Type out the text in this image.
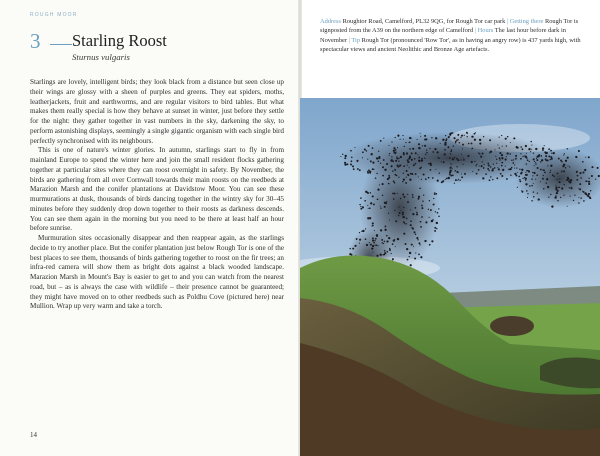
ROUGH MOOR
3 Starling Roost
Sturnus vulgaris

Starlings are lovely, intelligent birds; they look black from a distance but seen close up their wings are glossy with a sheen of purples and greens. They eat spiders, moths, leatherjackets, fruit and earthworms, and are regular visitors to bird tables. But what makes them really special is how they behave at sunset in winter, just before they settle for the night: they gather together in vast numbers in the sky, darkening the sky, to perform astonishing displays, seemingly a single gigantic organism with each single bird perfectly synchronised with its neighbours.

This is one of nature's winter glories. In autumn, starlings start to fly in from mainland Europe to spend the winter here and join the small resident flocks gathering together at particular sites where they can roost overnight in safety. By November, the birds are gathering from all over Cornwall towards their main roosts on the reedbeds at Marazion Marsh and the conifer plantations at Davidstow Moor. You can see these murmurations at dusk, thousands of birds dancing together in the wintry sky for 30–45 minutes before they suddenly drop down together to their roosts as darkness descends. You can see them again in the morning but you need to be there at least half an hour before sunrise.

Murmuration sites occasionally disappear and then reappear again, as the starlings decide to try another place. But the conifer plantation just below Rough Tor is one of the best places to see them, thousands of birds gathering together to roost on the fir trees; an infra-red camera will show them as bright dots against a black wooded landscape. Marazion Marsh in Mount's Bay is easier to get to and you can watch from the nearest road, but – as is always the case with wildlife – their presence cannot be guaranteed; they might have moved on to other reedbeds such as Poldhu Cove (pictured here) near Mullion. Wrap up very warm and take a torch.

14
Address Roughtor Road, Camelford, PL32 9QG, for Rough Tor car park | Getting there Rough Tor is signposted from the A39 on the northern edge of Camelford | Hours The last hour before dark in November | Tip Rough Tor (pronounced 'Row Tor', as in having an angry row) is 437 yards high, with spectacular views and ancient Neolithic and Bronze Age artefacts.
